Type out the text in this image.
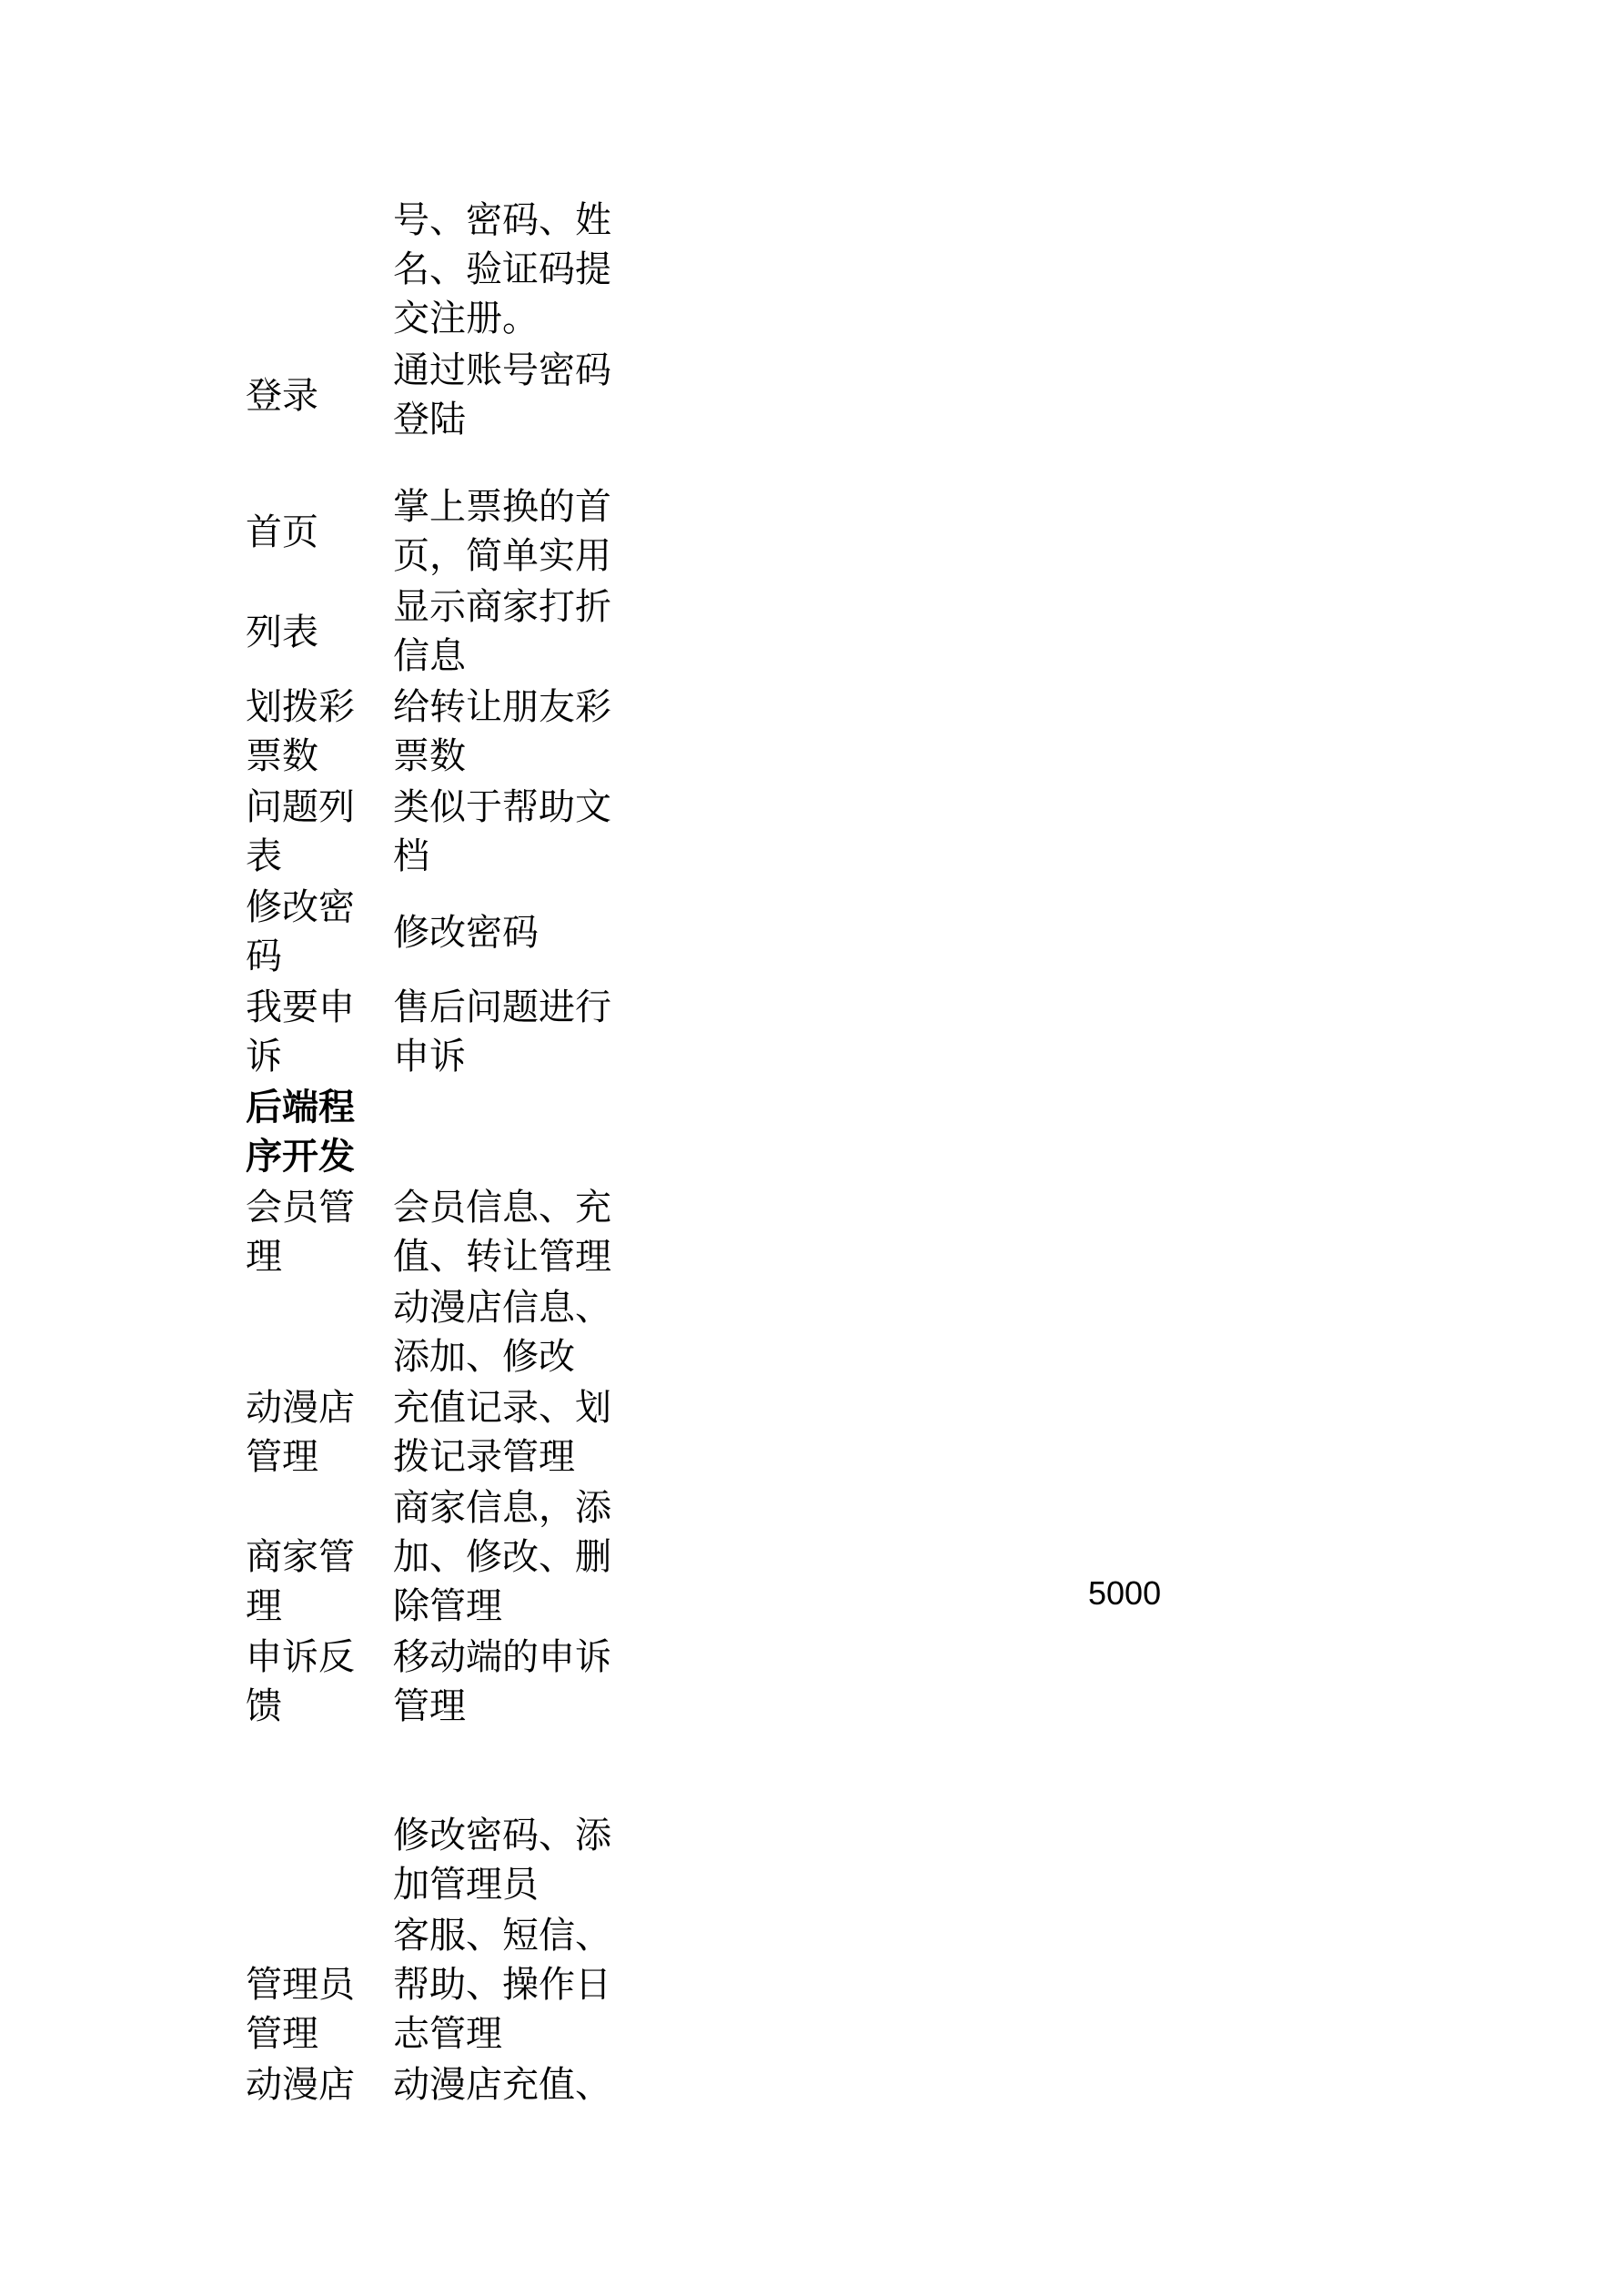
号、密码、姓
名、验证码提
交注册。
登录
通过账号密码
登陆
首页
掌上票换的首
页，简单实用
列表
显示商家打折
信息
划拨彩
票数
给转让朋友彩
票数
问题列
表
类似于帮助文
档
修改密
码
修改密码
我要申
诉
售后问题进行
申诉
后端程
序开发
会员管
理
会员信息、充
值、转让管理
动漫店信息、
添加、修改
动漫店
管理
充值记录、划
拨记录管理
商家管
理
商家信息，添
加、修改、删
除管理
申诉反
馈
移动端的申诉
管理
修改密码、添
加管理员
管理员
管理
客服、短信、
帮助、操作日
志管理
动漫店	动漫店充值、
5000
